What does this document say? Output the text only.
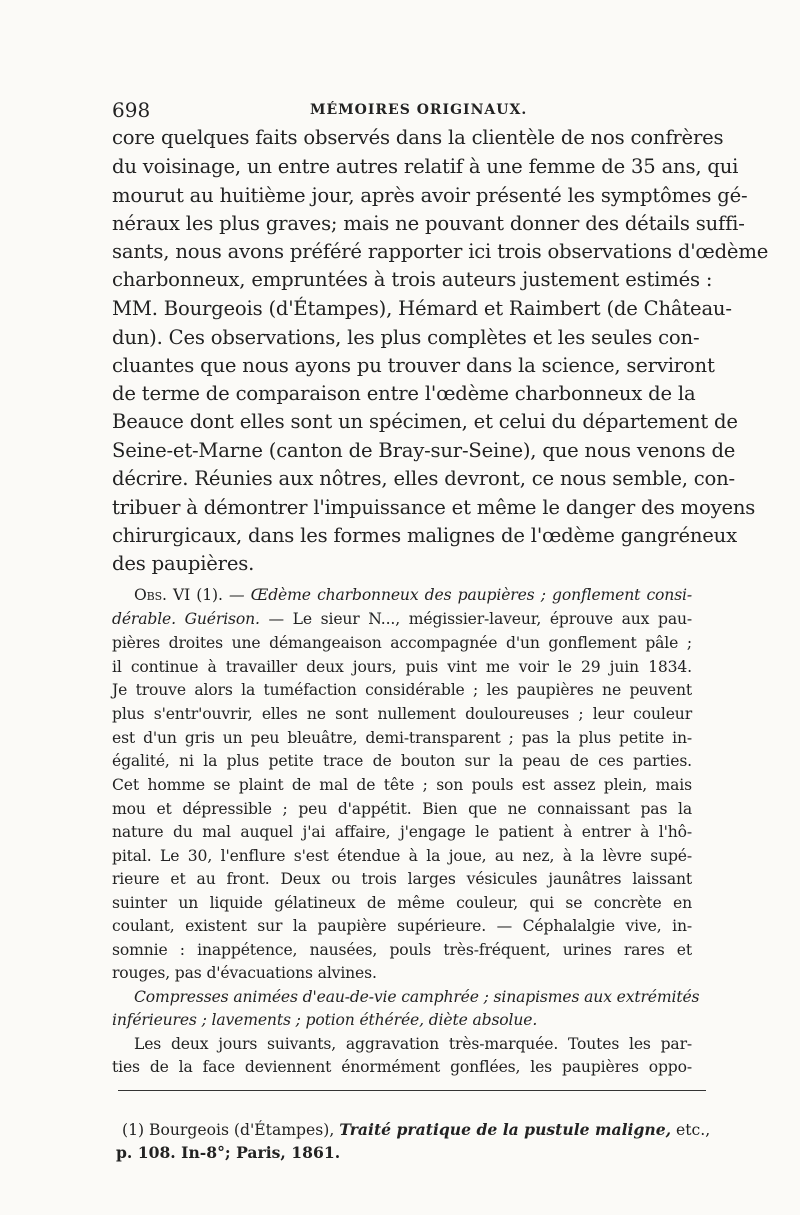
698	MÉMOIRES ORIGINAUX.
core quelques faits observés dans la clientèle de nos confrères
du voisinage, un entre autres relatif à une femme de 35 ans, qui
mourut au huitième jour, après avoir présenté les symptômes gé-
néraux les plus graves; mais ne pouvant donner des détails suffi-
sants, nous avons préféré rapporter ici trois observations d'œdème
charbonneux, empruntées à trois auteurs justement estimés :
MM. Bourgeois (d'Étampes), Hémard et Raimbert (de Château-
dun). Ces observations, les plus complètes et les seules con-
cluantes que nous ayons pu trouver dans la science, serviront
de terme de comparaison entre l'œdème charbonneux de la
Beauce dont elles sont un spécimen, et celui du département de
Seine-et-Marne (canton de Bray-sur-Seine), que nous venons de
décrire. Réunies aux nôtres, elles devront, ce nous semble, con-
tribuer à démontrer l'impuissance et même le danger des moyens
chirurgicaux, dans les formes malignes de l'œdème gangréneux
des paupières.
Obs. VI (1). — Œdème charbonneux des paupières ; gonflement consi-
dérable. Guérison. — Le sieur N..., mégissier-laveur, éprouve aux pau-
pières droites une démangeaison accompagnée d'un gonflement pâle ;
il continue à travailler deux jours, puis vint me voir le 29 juin 1834.
Je trouve alors la tuméfaction considérable ; les paupières ne peuvent
plus s'entr'ouvrir, elles ne sont nullement douloureuses ; leur couleur
est d'un gris un peu bleuâtre, demi-transparent ; pas la plus petite in-
égalité, ni la plus petite trace de bouton sur la peau de ces parties.
Cet homme se plaint de mal de tête ; son pouls est assez plein, mais
mou et dépressible ; peu d'appétit. Bien que ne connaissant pas la
nature du mal auquel j'ai affaire, j'engage le patient à entrer à l'hô-
pital. Le 30, l'enflure s'est étendue à la joue, au nez, à la lèvre supé-
rieure et au front. Deux ou trois larges vésicules jaunâtres laissant
suinter un liquide gélatineux de même couleur, qui se concrète en
coulant, existent sur la paupière supérieure. — Céphalalgie vive, in-
somnie : inappétence, nausées, pouls très-fréquent, urines rares et
rouges, pas d'évacuations alvines.
Compresses animées d'eau-de-vie camphrée ; sinapismes aux extrémités
inférieures ; lavements ; potion éthérée, diète absolue.
Les deux jours suivants, aggravation très-marquée. Toutes les par-
ties de la face deviennent énormément gonflées, les paupières oppo-
(1) Bourgeois (d'Étampes), Traité pratique de la pustule maligne, etc.,
p. 108. In-8°; Paris, 1861.
